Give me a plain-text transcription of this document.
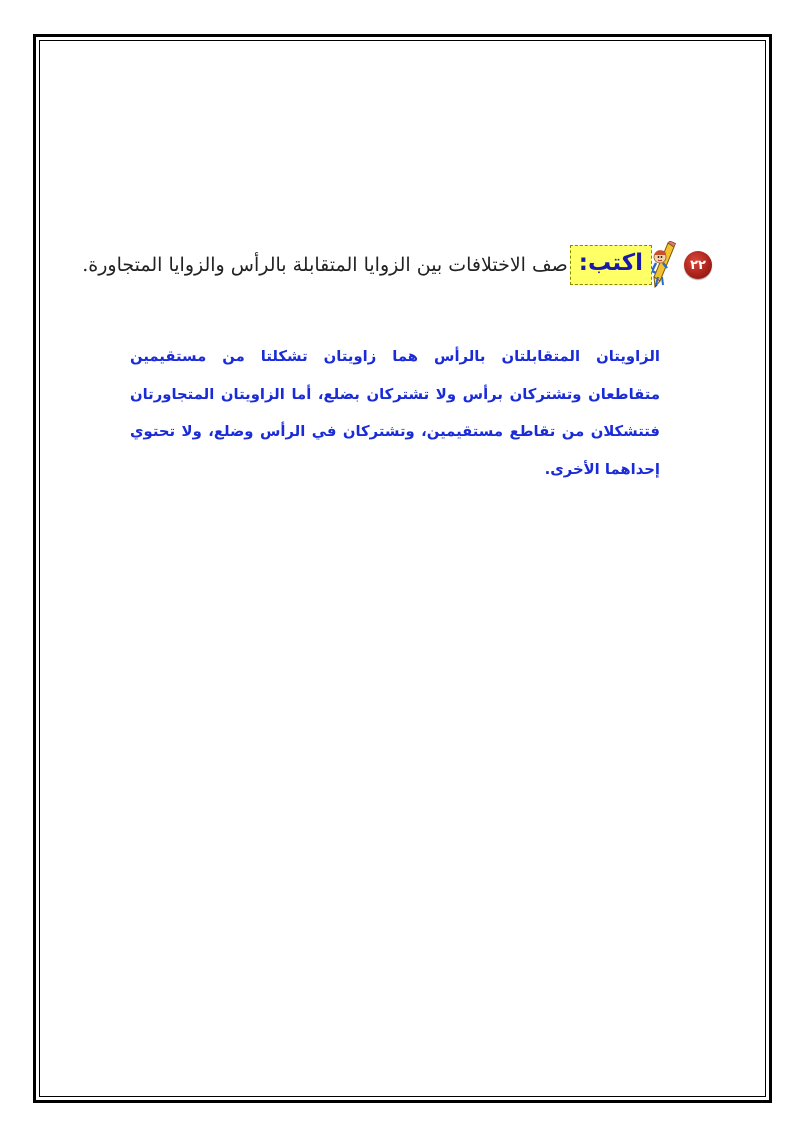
٢٢
اكتب:
صف الاختلافات بين الزوايا المتقابلة بالرأس والزوايا المتجاورة.
الزاويتان المتقابلتان بالرأس هما زاويتان تشكلتا من مستقيمين متقاطعان وتشتركان برأس ولا تشتركان بضلع، أما الزاويتان المتجاورتان فتتشكلان من تقاطع مستقيمين، وتشتركان في الرأس وضلع، ولا تحتوي إحداهما الأخرى.
